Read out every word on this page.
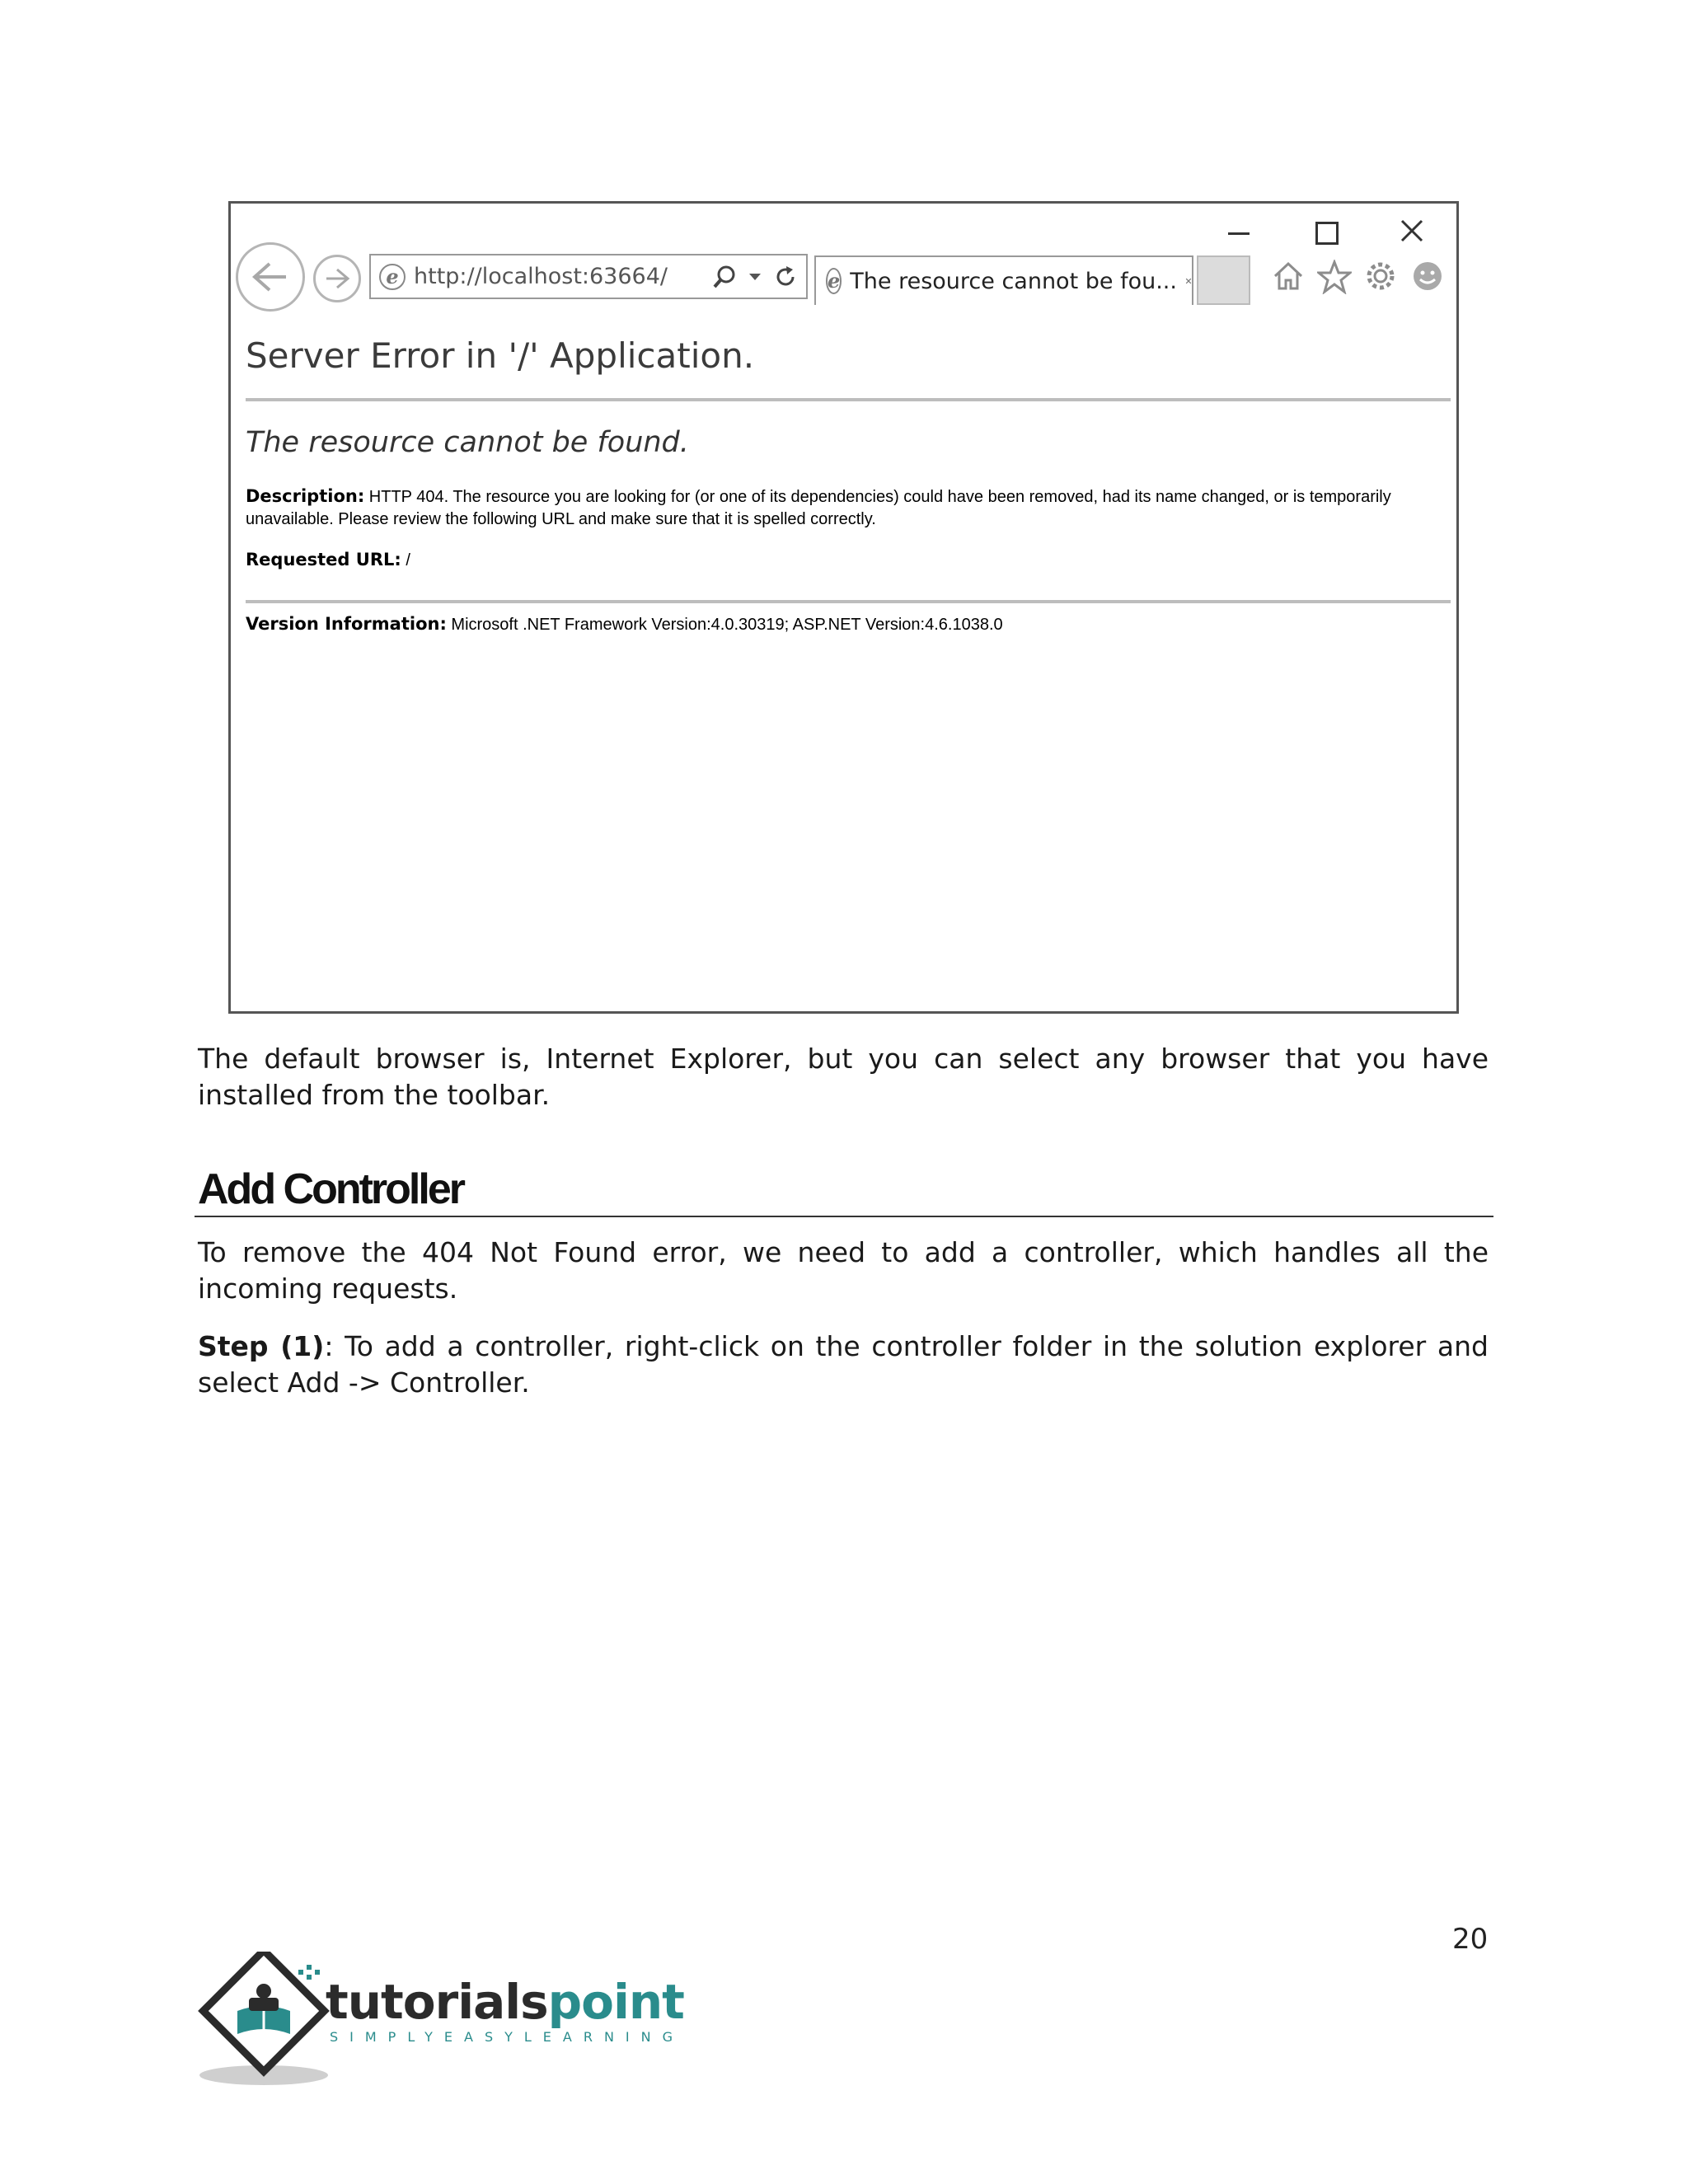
e http://localhost:63664/	e The resource cannot be fou...
Server Error in '/' Application.
The resource cannot be found.
Description: HTTP 404. The resource you are looking for (or one of its dependencies) could have been removed, had its name changed, or is temporarily unavailable. Please review the following URL and make sure that it is spelled correctly.
Requested URL: /
Version Information: Microsoft .NET Framework Version:4.0.30319; ASP.NET Version:4.6.1038.0
The default browser is, Internet Explorer, but you can select any browser that you have installed from the toolbar.
Add Controller
To remove the 404 Not Found error, we need to add a controller, which handles all the incoming requests.
Step (1): To add a controller, right-click on the controller folder in the solution explorer and select Add -> Controller.
20
tutorialspoint
SIMPLYEASYLEARNING
